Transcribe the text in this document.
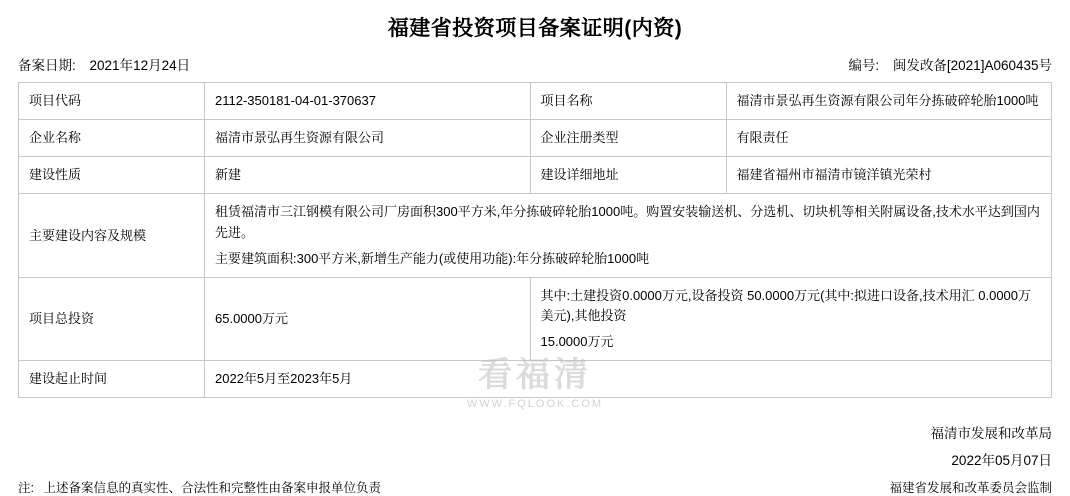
福建省投资项目备案证明(内资)
备案日期: 2021年12月24日	编号: 闽发改备[2021]A060435号
项目代码	2112-350181-04-01-370637	项目名称	福清市景弘再生资源有限公司年分拣破碎轮胎1000吨
企业名称	福清市景弘再生资源有限公司	企业注册类型	有限责任
建设性质	新建	建设详细地址	福建省福州市福清市镜洋镇光荣村
主要建设内容及规模	租赁福清市三江钢模有限公司厂房面积300平方米,年分拣破碎轮胎1000吨。购置安装输送机、分选机、切块机等相关附属设备,技术水平达到国内先进。
主要建筑面积:300平方米,新增生产能力(或使用功能):年分拣破碎轮胎1000吨		

项目总投资	65.0000万元	其中:土建投资0.0000万元,设备投资 50.0000万元(其中:拟进口设备,技术用汇 0.0000万美元),其他投资
15.0000万元	

建设起止时间	2022年5月至2023年5月		
福清市发展和改革局
2022年05月07日
注: 上述备案信息的真实性、合法性和完整性由备案申报单位负责	福建省发展和改革委员会监制
看福清
WWW.FQLOOK.COM
